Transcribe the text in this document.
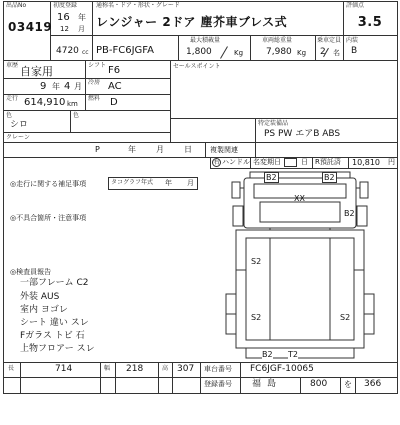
出品No
03419
初度登録
16 年
12 月
通称名・ドア・形状・グレード
レンジャー 2ドア 塵芥車ブレス式
評価点
3.5
4720 cc PB-FC6JGFA
最大積載量
1,800	Kg
車両総重量
7,980 Kg
乗車定員
2 名
内装
B
車歴 自家用	シフト F6
9 年 4 月 冷房 AC
走行 614,910 km
燃料 D
色	色
シロ
クレーン
P	年	月	日	複製関連
セールスポイント
特定装備品
PS PW エアB ABS
右 ハンドル 名変期日	日 R預託済 10,810 円
◎走行に関する補足事項	タコグラフ年式 年 月
◎不具合箇所・注意事項
◎検査員報告
一部フレーム C2
外装 AUS
室内 ヨゴレ
シート 違い スレ
Fガラス トビ 石
上物フロアー スレ
B2	B2
XX
B2
S2
S2	S2
B2 T2
長	714	幅 218	高 307 車台番号 FC6JGF-10065
登録番号 福島	800 を 366
